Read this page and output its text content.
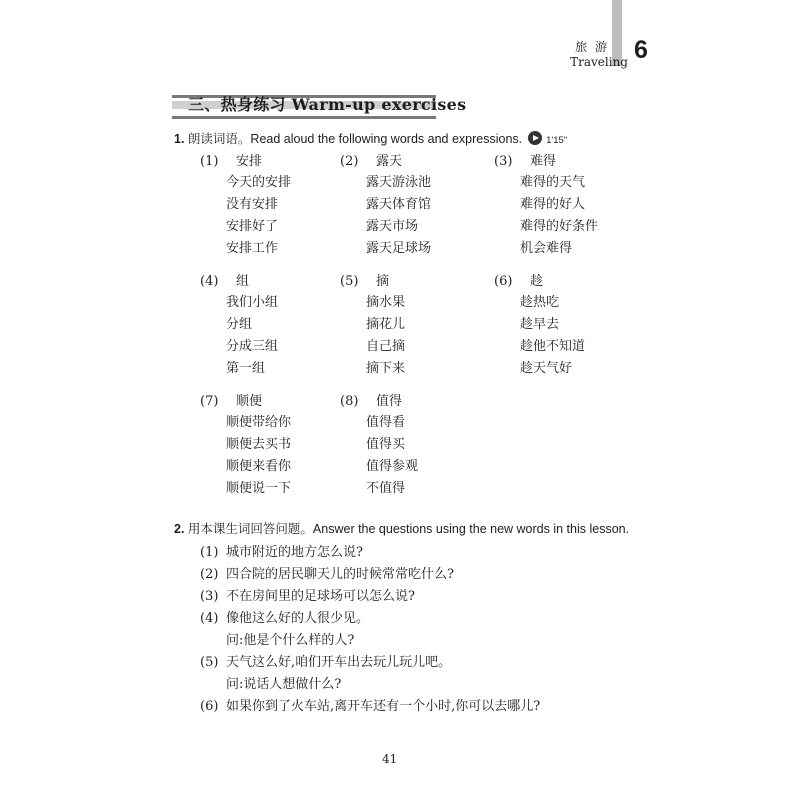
旅 游
Traveling 6
三、热身练习 Warm-up exercises
1. 朗读词语。Read aloud the following words and expressions.	1'15"
(1) 安排
今天的安排
没有安排
安排好了
安排工作
(2) 露天
露天游泳池
露天体育馆
露天市场
露天足球场
(3) 难得
难得的天气
难得的好人
难得的好条件
机会难得
(4) 组
我们小组
分组
分成三组
第一组
(5) 摘
摘水果
摘花儿
自己摘
摘下来
(6) 趁
趁热吃
趁早去
趁他不知道
趁天气好
(7) 顺便
顺便带给你
顺便去买书
顺便来看你
顺便说一下
(8) 值得
值得看
值得买
值得参观
不值得
2. 用本课生词回答问题。Answer the questions using the new words in this lesson.
(1) 城市附近的地方怎么说?
(2) 四合院的居民聊天儿的时候常常吃什么?
(3) 不在房间里的足球场可以怎么说?
(4) 像他这么好的人很少见。
问:他是个什么样的人?
(5) 天气这么好,咱们开车出去玩儿玩儿吧。
问:说话人想做什么?
(6) 如果你到了火车站,离开车还有一个小时,你可以去哪儿?
41
